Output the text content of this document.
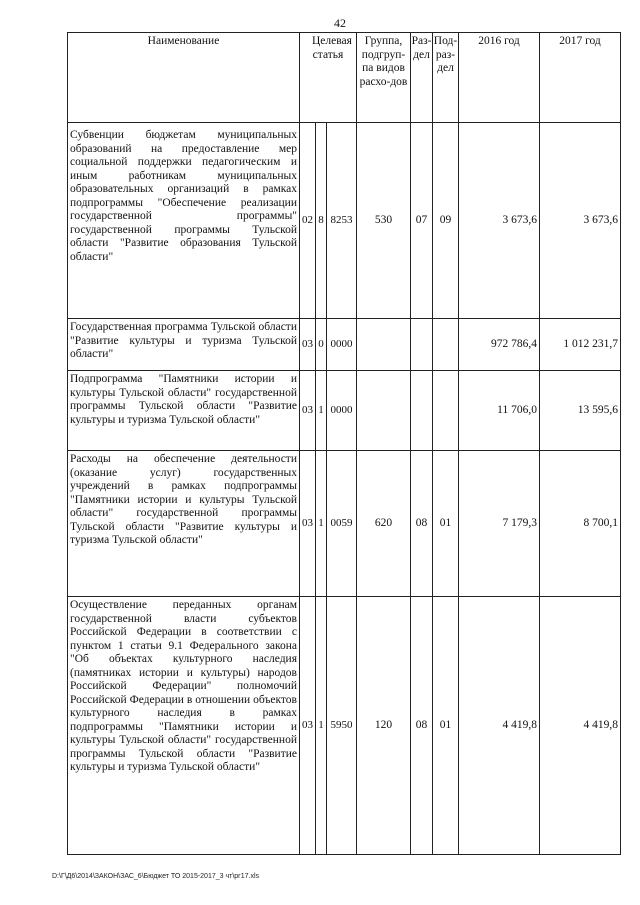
42
Наименование	Целевая статья			Группа, подгруп-па видов расхо-дов	Раз-дел	Под-раз-дел	2016 год	2017 год
Субвенции бюджетам муниципальных образований на предоставление мер социальной поддержки педагогическим и иным работникам муниципальных образовательных организаций в рамках подпрограммы "Обеспечение реализации государственной программы" государственной программы Тульской области "Развитие образования Тульской области"	02	8	8253	530	07	09	3 673,6	3 673,6
Государственная программа Тульской области "Развитие культуры и туризма Тульской области"	03	0	0000				972 786,4	1 012 231,7
Подпрограмма "Памятники истории и культуры Тульской области" государственной программы Тульской области "Развитие культуры и туризма Тульской области"	03	1	0000				11 706,0	13 595,6
Расходы на обеспечение деятельности (оказание услуг) государственных учреждений в рамках подпрограммы "Памятники истории и культуры Тульской области" государственной программы Тульской области "Развитие культуры и туризма Тульской области"	03	1	0059	620	08	01	7 179,3	8 700,1
Осуществление переданных органам государственной власти субъектов Российской Федерации в соответствии с пунктом 1 статьи 9.1 Федерального закона "Об объектах культурного наследия (памятниках истории и культуры) народов Российской Федерации" полномочий Российской Федерации в отношении объектов культурного наследия в рамках подпрограммы "Памятники истории и культуры Тульской области" государственной программы Тульской области "Развитие культуры и туризма Тульской области"	03	1	5950	120	08	01	4 419,8	4 419,8
D:\Г\Д6\2014\ЗАКОН\ЗАС_6\Бюджет ТО 2015-2017_3 чт\рг17.xls
